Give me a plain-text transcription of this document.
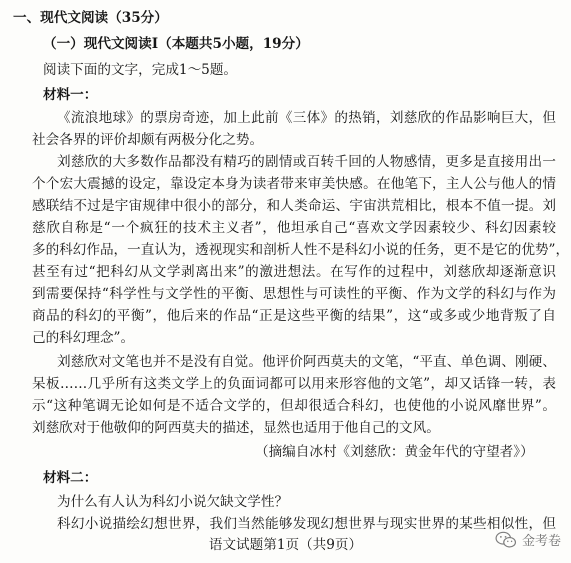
一、现代文阅读（35分）
（一）现代文阅读Ⅰ（本题共5小题，19分）
阅读下面的文字，完成1～5题。
材料一：
《流浪地球》的票房奇迹，加上此前《三体》的热销，刘慈欣的作品影响巨大，但
社会各界的评价却颇有两极分化之势。
刘慈欣的大多数作品都没有精巧的剧情或百转千回的人物感情，更多是直接用出一
个个宏大震撼的设定，靠设定本身为读者带来审美快感。在他笔下，主人公与他人的情
感联结不过是宇宙规律中很小的部分，和人类命运、宇宙洪荒相比，根本不值一提。刘
慈欣自称是“一个疯狂的技术主义者”，他坦承自己“喜欢文学因素较少、科幻因素较
多的科幻作品，一直认为，透视现实和剖析人性不是科幻小说的任务，更不是它的优势”，
甚至有过“把科幻从文学剥离出来”的激进想法。在写作的过程中，刘慈欣却逐渐意识
到需要保持“科学性与文学性的平衡、思想性与可读性的平衡、作为文学的科幻与作为
商品的科幻的平衡”，他后来的作品“正是这些平衡的结果”，这“或多或少地背叛了自
己的科幻理念”。
刘慈欣对文笔也并不是没有自觉。他评价阿西莫夫的文笔，“平直、单色调、刚硬、
呆板……几乎所有这类文学上的负面词都可以用来形容他的文笔”，却又话锋一转，表
示“这种笔调无论如何是不适合文学的，但却很适合科幻，也使他的小说风靡世界”。
刘慈欣对于他敬仰的阿西莫夫的描述，显然也适用于他自己的文风。
（摘编自冰村《刘慈欣：黄金年代的守望者》）
材料二：
为什么有人认为科幻小说欠缺文学性？
科幻小说描绘幻想世界，我们当然能够发现幻想世界与现实世界的某些相似性，但
语文试题第1页（共9页）	金考卷
